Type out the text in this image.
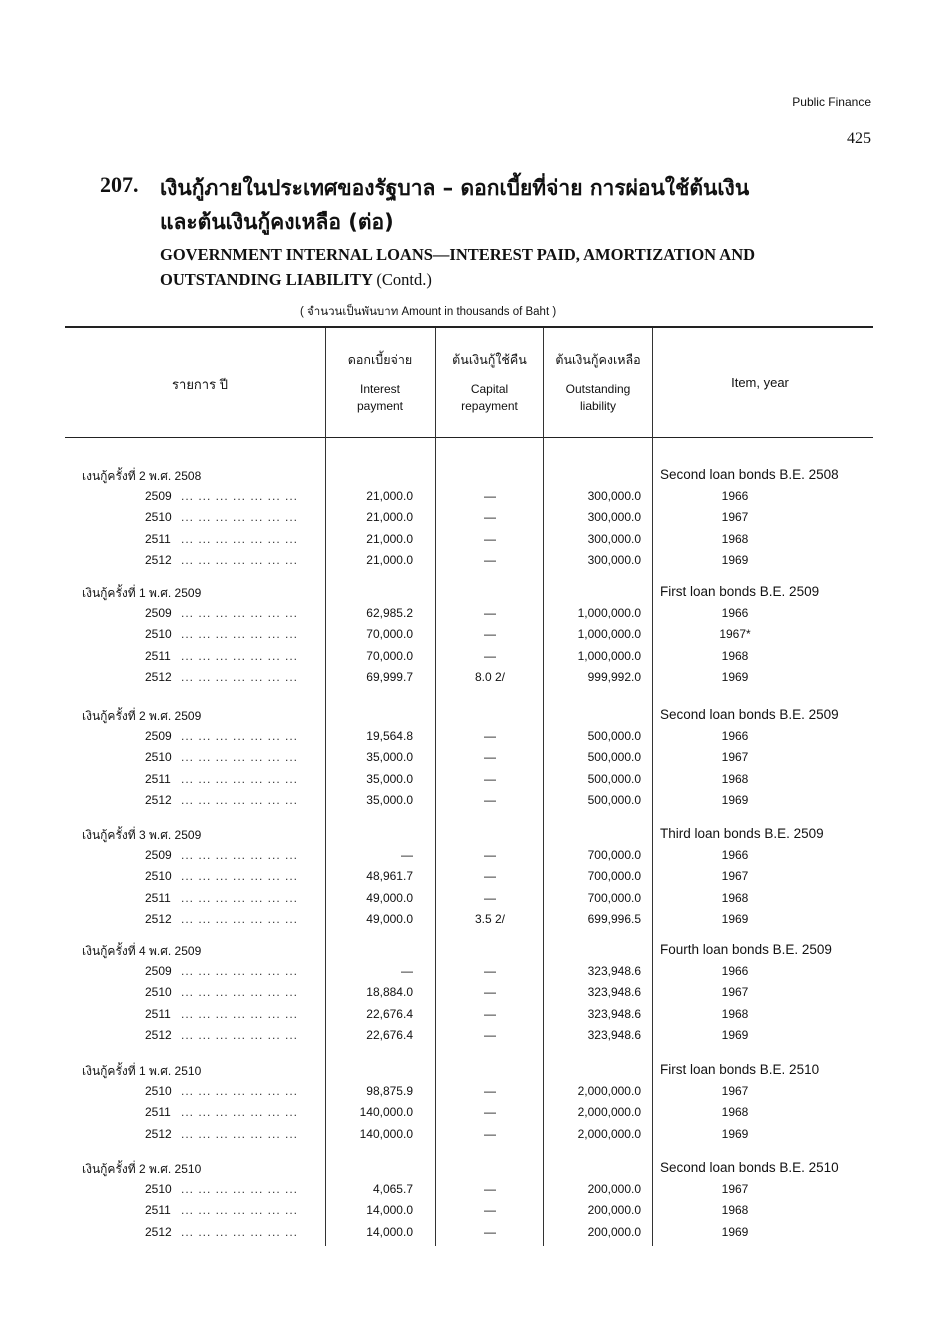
Public Finance
425
207. เงินกู้ภายในประเทศของรัฐบาล – ดอกเบี้ยที่จ่าย การผ่อนใช้ต้นเงิน
และต้นเงินกู้คงเหลือ (ต่อ)
GOVERNMENT INTERNAL LOANS—INTEREST PAID, AMORTIZATION AND
OUTSTANDING LIABILITY (Contd.)
( จำนวนเป็นพันบาท Amount in thousands of Baht )
รายการ ปี
ดอกเบี้ยจ่าย
Interest
payment
ต้นเงินกู้ใช้คืน
Capital
repayment
ต้นเงินกู้คงเหลือ
Outstanding
liability
Item, year
เงนกู้ครั้งที่ 2 พ.ศ. 2508	Second loan bonds B.E. 2508
2509 ... ... ... ... ... ... ...	21,000.0	—	300,000.0	1966
2510 ... ... ... ... ... ... ...	21,000.0	—	300,000.0	1967
2511 ... ... ... ... ... ... ...	21,000.0	—	300,000.0	1968
2512 ... ... ... ... ... ... ...	21,000.0	—	300,000.0	1969
เงินกู้ครั้งที่ 1 พ.ศ. 2509	First loan bonds B.E. 2509
2509 ... ... ... ... ... ... ...	62,985.2	—	1,000,000.0	1966
2510 ... ... ... ... ... ... ...	70,000.0	—	1,000,000.0	1967*
2511 ... ... ... ... ... ... ...	70,000.0	—	1,000,000.0	1968
2512 ... ... ... ... ... ... ...	69,999.7	8.0 2/	999,992.0	1969
เงินกู้ครั้งที่ 2 พ.ศ. 2509	Second loan bonds B.E. 2509
2509 ... ... ... ... ... ... ...	19,564.8	—	500,000.0	1966
2510 ... ... ... ... ... ... ...	35,000.0	—	500,000.0	1967
2511 ... ... ... ... ... ... ...	35,000.0	—	500,000.0	1968
2512 ... ... ... ... ... ... ...	35,000.0	—	500,000.0	1969
เงินกู้ครั้งที่ 3 พ.ศ. 2509	Third loan bonds B.E. 2509
2509 ... ... ... ... ... ... ...	—	—	700,000.0	1966
2510 ... ... ... ... ... ... ...	48,961.7	—	700,000.0	1967
2511 ... ... ... ... ... ... ...	49,000.0	—	700,000.0	1968
2512 ... ... ... ... ... ... ...	49,000.0	3.5 2/	699,996.5	1969
เงินกู้ครั้งที่ 4 พ.ศ. 2509	Fourth loan bonds B.E. 2509
2509 ... ... ... ... ... ... ...	—	—	323,948.6	1966
2510 ... ... ... ... ... ... ...	18,884.0	—	323,948.6	1967
2511 ... ... ... ... ... ... ...	22,676.4	—	323,948.6	1968
2512 ... ... ... ... ... ... ...	22,676.4	—	323,948.6	1969
เงินกู้ครั้งที่ 1 พ.ศ. 2510	First loan bonds B.E. 2510
2510 ... ... ... ... ... ... ...	98,875.9	—	2,000,000.0	1967
2511 ... ... ... ... ... ... ...	140,000.0	—	2,000,000.0	1968
2512 ... ... ... ... ... ... ...	140,000.0	—	2,000,000.0	1969
เงินกู้ครั้งที่ 2 พ.ศ. 2510	Second loan bonds B.E. 2510
2510 ... ... ... ... ... ... ...	4,065.7	—	200,000.0	1967
2511 ... ... ... ... ... ... ...	14,000.0	—	200,000.0	1968
2512 ... ... ... ... ... ... ...	14,000.0	—	200,000.0	1969
